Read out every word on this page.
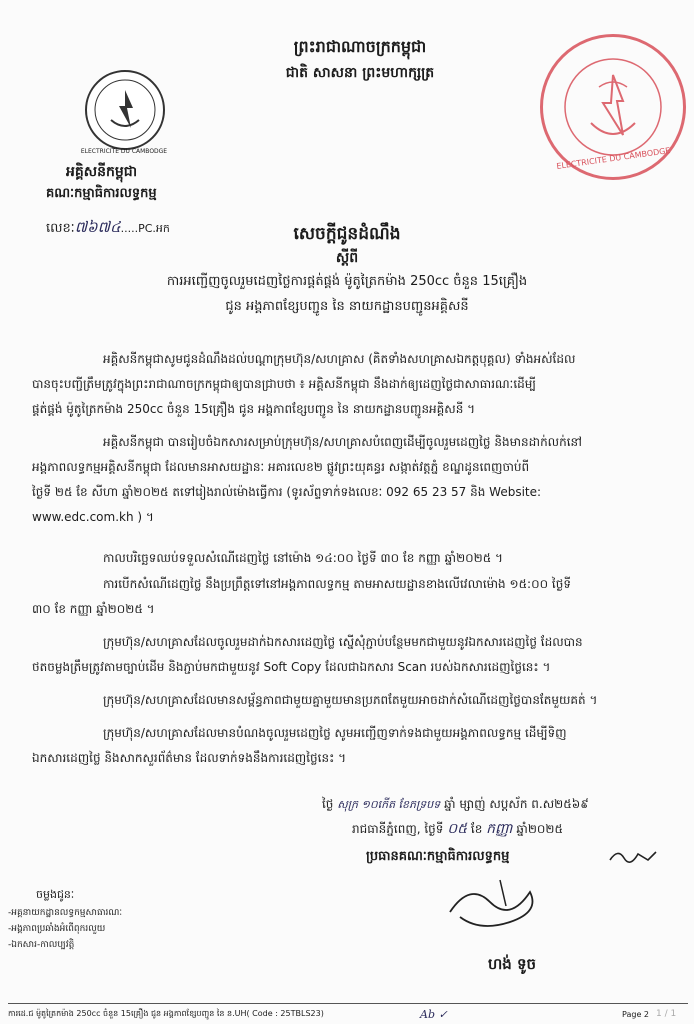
ព្រះរាជាណាចក្រកម្ពុជា
ជាតិ សាសនា ព្រះមហាក្សត្រ
ELECTRICITE DU CAMBODGE
អគ្គិសនីកម្ពុជា
គណៈកម្មាធិការលទ្ធកម្ម
លេខៈ៧៦៧៤.....PC.អក
ELECTRICITE DU CAMBODGE
សេចក្តីជូនដំណឹង
ស្តីពី
ការអញ្ជើញចូលរួមដេញថ្លៃការផ្គត់ផ្គង់ ម៉ូតូត្រៃកម៉ាង 250cc ចំនួន 15គ្រឿង
ជូន អង្គភាពខ្សែបញ្ជូន នៃ នាយកដ្ឋានបញ្ជូនអគ្គិសនី
អគ្គិសនីកម្ពុជាសូមជូនដំណឹងដល់បណ្តាក្រុមហ៊ុន/សហគ្រាស (គិតទាំងសហគ្រាសឯកត្តបុគ្គល) ទាំងអស់ដែល
បានចុះបញ្ជីត្រឹមត្រូវក្នុងព្រះរាជាណាចក្រកម្ពុជាឲ្យបានជ្រាបថា ៖ អគ្គិសនីកម្ពុជា នឹងដាក់ឲ្យដេញថ្លៃជាសាធារណៈដើម្បី
ផ្គត់ផ្គង់ ម៉ូតូត្រៃកម៉ាង 250cc ចំនួន 15គ្រឿង ជូន អង្គភាពខ្សែបញ្ជូន នៃ នាយកដ្ឋានបញ្ជូនអគ្គិសនី ។
អគ្គិសនីកម្ពុជា បានរៀបចំឯកសារសម្រាប់ក្រុមហ៊ុន/សហគ្រាសបំពេញដើម្បីចូលរួមដេញថ្លៃ និងមានដាក់លក់នៅ
អង្គភាពលទ្ធកម្មអគ្គិសនីកម្ពុជា ដែលមានអាសយដ្ឋានៈ អគារលេខ២ ផ្លូវព្រះយុគន្ធរ សង្កាត់វត្តភ្នំ ខណ្ឌដូនពេញចាប់ពី
ថ្ងៃទី ២៥ ខែ សីហា ឆ្នាំ២០២៥ តទៅរៀងរាល់ម៉ោងធ្វើការ (ទូរស័ព្ទទាក់ទងលេខៈ 092 65 23 57 និង Website:
www.edc.com.kh ) ។
កាលបរិច្ឆេទឈប់ទទួលសំណើដេញថ្លៃ នៅម៉ោង ១៤:០០ ថ្ងៃទី ៣០ ខែ កញ្ញា ឆ្នាំ២០២៥ ។
ការបើកសំណើដេញថ្លៃ នឹងប្រព្រឹត្តទៅនៅអង្គភាពលទ្ធកម្ម តាមអាសយដ្ឋានខាងលើវេលាម៉ោង ១៥:០០ ថ្ងៃទី
៣០ ខែ កញ្ញា ឆ្នាំ២០២៥ ។
ក្រុមហ៊ុន/សហគ្រាសដែលចូលរួមដាក់ឯកសារដេញថ្លៃ ស្នើសុំភ្ជាប់បន្ថែមមកជាមួយនូវឯកសារដេញថ្លៃ ដែលបាន
ថតចម្លងត្រឹមត្រូវតាមច្បាប់ដើម និងភ្ជាប់មកជាមួយនូវ Soft Copy ដែលជាឯកសារ Scan របស់ឯកសារដេញថ្លៃនេះ ។
ក្រុមហ៊ុន/សហគ្រាសដែលមានសម្ព័ន្ធភាពជាមួយគ្នាមួយមានប្រភពតែមួយអាចដាក់សំណើដេញថ្លៃបានតែមួយគត់ ។
ក្រុមហ៊ុន/សហគ្រាសដែលមានបំណងចូលរួមដេញថ្លៃ សូមអញ្ជើញទាក់ទងជាមួយអង្គភាពលទ្ធកម្ម ដើម្បីទិញ
ឯកសារដេញថ្លៃ និងសាកសួរព័ត៌មាន ដែលទាក់ទងនឹងការដេញថ្លៃនេះ ។
ថ្ងៃ សុក្រ ១០កើត ខែភទ្របទ ឆ្នាំ ម្សាញ់ សប្តស័ក ព.ស២៥៦៩
រាជធានីភ្នំពេញ, ថ្ងៃទី ០៥ ខែ កញ្ញា ឆ្នាំ២០២៥
ប្រធានគណៈកម្មាធិការលទ្ធកម្ម
ហង់ ទូច
ចម្លងជូនៈ
-អគ្គនាយកដ្ឋានលទ្ធកម្មសាធារណៈ
-អង្គភាពប្រឆាំងអំពើពុករលួយ
-ឯកសារ-កាលប្បវត្តិ
ការដេ.ជ ម៉ូតូត្រៃកម៉ាង 250cc ចំនួន 15គ្រឿង ជូន អង្គភាពខ្សែបញ្ជូន នៃ ន.UH( Code : 25TBLS23)	Ab ✓	Page 2 1 / 1
